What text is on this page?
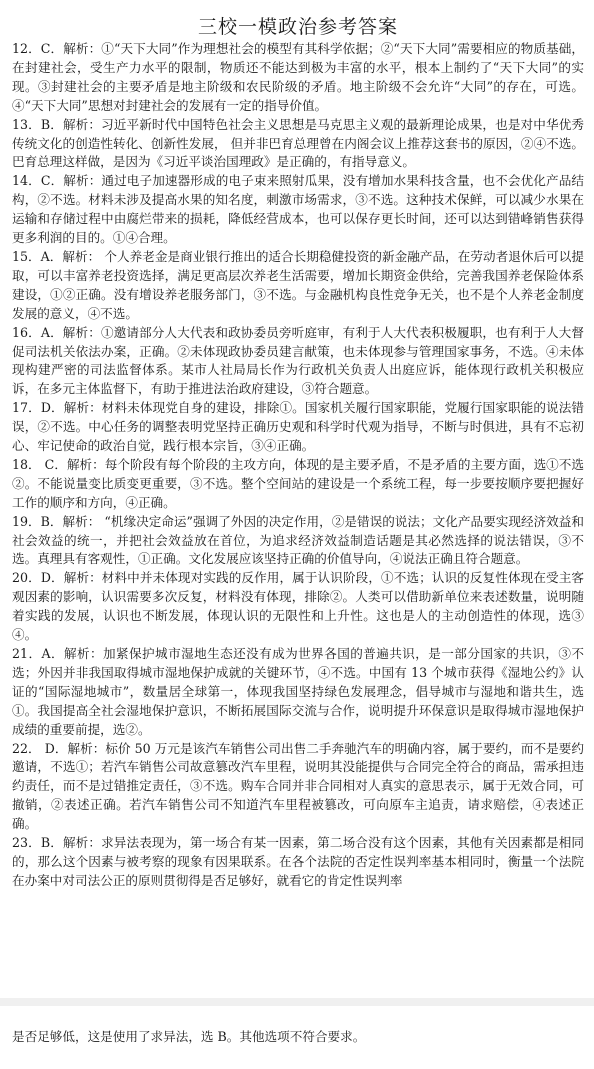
三校一模政治参考答案

12．C．解析：①“天下大同”作为理想社会的模型有其科学依据；②“天下大同”需要相应的物质基础，在封建社会，受生产力水平的限制，物质还不能达到极为丰富的水平，根本上制约了“天下大同”的实现。③封建社会的主要矛盾是地主阶级和农民阶级的矛盾。地主阶级不会允许“大同”的存在，可选。④“天下大同”思想对封建社会的发展有一定的指导价值。

13．B．解析：习近平新时代中国特色社会主义思想是马克思主义观的最新理论成果，也是对中华优秀传统文化的创造性转化、创新性发展， 但并非巴育总理曾在内阁会议上推荐这套书的原因，②④不选。巴育总理这样做，是因为《习近平谈治国理政》是正确的，有指导意义。

14．C．解析：通过电子加速器形成的电子束来照射瓜果，没有增加水果科技含量，也不会优化产品结构，②不选。材料未涉及提高水果的知名度，刺激市场需求，③不选。这种技术保鲜，可以减少水果在运输和存储过程中由腐烂带来的损耗，降低经营成本，也可以保存更长时间，还可以达到错峰销售获得更多利润的目的。①④合理。

15．A．解析： 个人养老金是商业银行推出的适合长期稳健投资的新金融产品，在劳动者退休后可以提取，可以丰富养老投资选择，满足更高层次养老生活需要，增加长期资金供给，完善我国养老保险体系建设，①②正确。没有增设养老服务部门，③不选。与金融机构良性竞争无关，也不是个人养老金制度发展的意义，④不选。

16．A．解析：①邀请部分人大代表和政协委员旁听庭审，有利于人大代表积极履职，也有利于人大督促司法机关依法办案，正确。②未体现政协委员建言献策，也未体现参与管理国家事务，不选。④未体现构建严密的司法监督体系。某市人社局局长作为行政机关负责人出庭应诉，能体现行政机关积极应诉，在多元主体监督下，有助于推进法治政府建设，③符合题意。

17．D．解析：材料未体现党自身的建设，排除①。国家机关履行国家职能，党履行国家职能的说法错误，②不选。中心任务的调整表明党坚持正确历史观和科学时代观为指导，不断与时俱进，具有不忘初心、牢记使命的政治自觉，践行根本宗旨，③④正确。

18． C．解析：每个阶段有每个阶段的主攻方向，体现的是主要矛盾，不是矛盾的主要方面，选①不选②。不能说量变比质变更重要，③不选。整个空间站的建设是一个系统工程，每一步要按顺序要把握好工作的顺序和方向，④正确。

19．B．解析： “机缘决定命运”强调了外因的决定作用，②是错误的说法；文化产品要实现经济效益和社会效益的统一，并把社会效益放在首位，为追求经济效益制造话题是其必然选择的说法错误，③不选。真理具有客观性，①正确。文化发展应该坚持正确的价值导向，④说法正确且符合题意。

20．D．解析：材料中并未体现对实践的反作用，属于认识阶段，①不选；认识的反复性体现在受主客观因素的影响，认识需要多次反复，材料没有体现，排除②。人类可以借助新单位来表述数量，说明随着实践的发展，认识也不断发展，体现认识的无限性和上升性。这也是人的主动创造性的体现，选③④。

21．A．解析：加紧保护城市湿地生态还没有成为世界各国的普遍共识，是一部分国家的共识，③不选；外因并非我国取得城市湿地保护成就的关键环节，④不选。中国有 13 个城市获得《湿地公约》认证的“国际湿地城市”，数量居全球第一，体现我国坚持绿色发展理念，倡导城市与湿地和谐共生，选①。我国提高全社会湿地保护意识，不断拓展国际交流与合作，说明提升环保意识是取得城市湿地保护成绩的重要前提，选②。

22． D．解析：标价 50 万元是该汽车销售公司出售二手奔驰汽车的明确内容，属于要约，而不是要约邀请，不选①；若汽车销售公司故意篡改汽车里程，说明其没能提供与合同完全符合的商品，需承担违约责任，而不是过错推定责任，③不选。购车合同并非合同相对人真实的意思表示，属于无效合同，可撤销，②表述正确。若汽车销售公司不知道汽车里程被篡改，可向原车主追责，请求赔偿，④表述正确。

23．B．解析：求异法表现为，第一场合有某一因素，第二场合没有这个因素，其他有关因素都是相同的，那么这个因素与被考察的现象有因果联系。在各个法院的否定性误判率基本相同时，衡量一个法院在办案中对司法公正的原则贯彻得是否足够好，就看它的肯定性误判率

是否足够低，这是使用了求异法，选 B。其他选项不符合要求。
